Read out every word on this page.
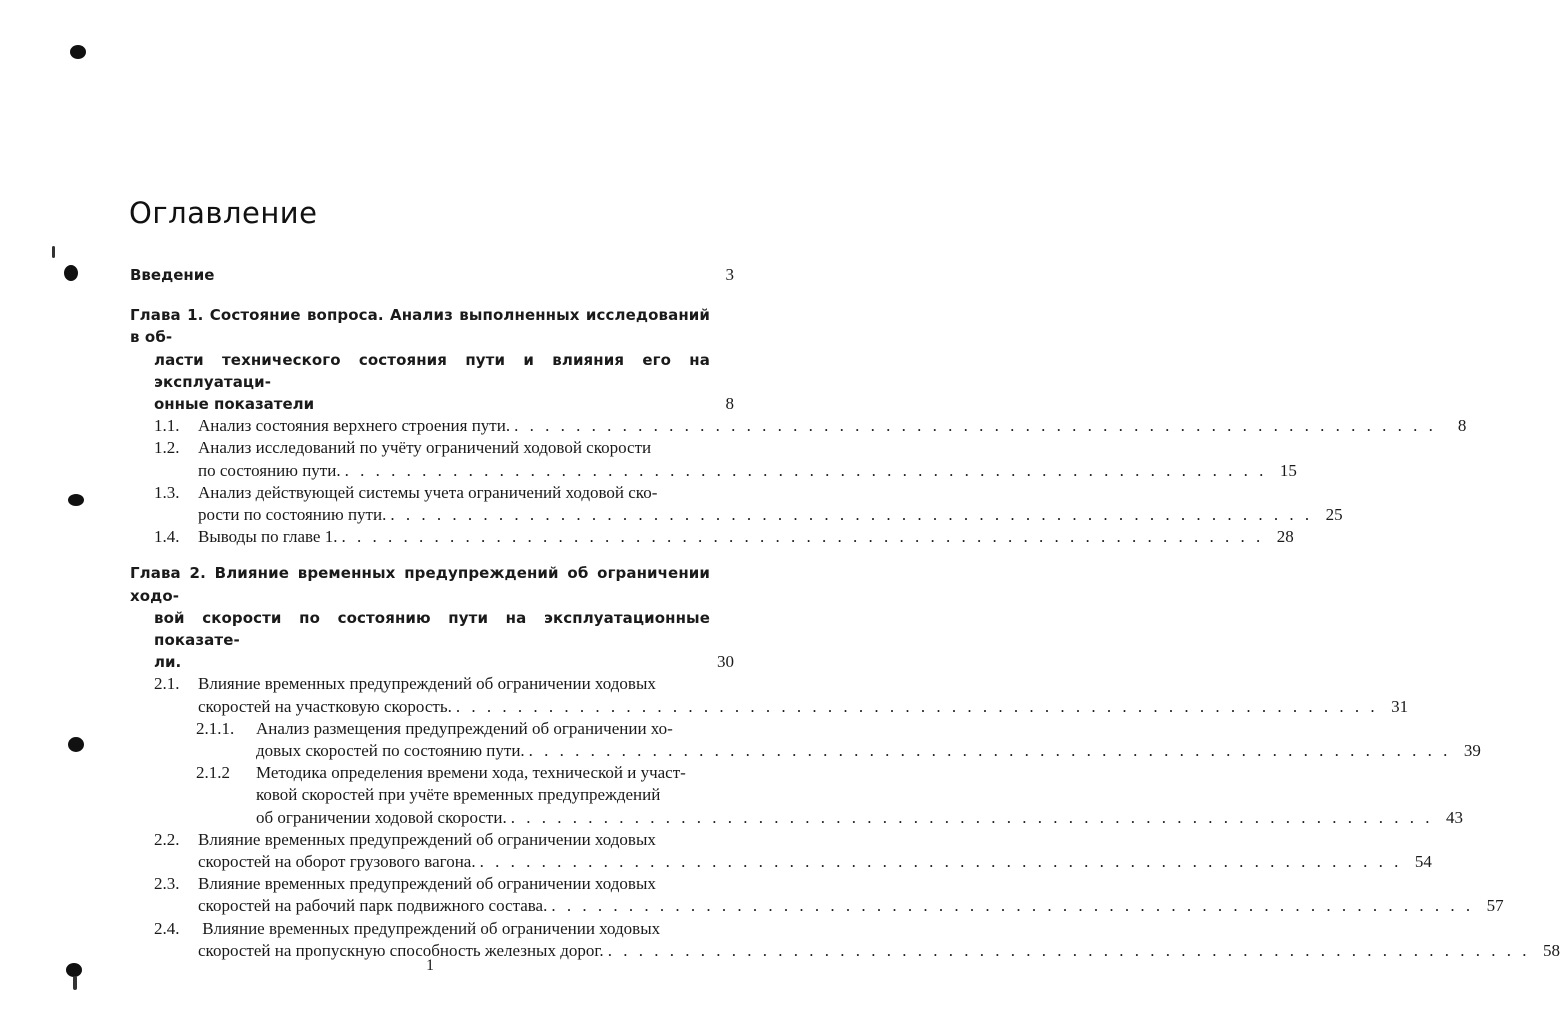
Оглавление
Введение	3
Глава 1. Состояние вопроса. Анализ выполненных исследований в об-
ласти технического состояния пути и влияния его на эксплуатаци-
онные показатели	8
1.1.	Анализ состояния верхнего строения пути. . . .	8
1.2.	Анализ исследований по учёту ограничений ходовой скорости
по состоянию пути. . . .	15
1.3.	Анализ действующей системы учета ограничений ходовой ско-
рости по состоянию пути. . . .	25
1.4.	Выводы по главе 1. . . .	28
Глава 2. Влияние временных предупреждений об ограничении ходо-
вой скорости по состоянию пути на эксплуатационные показате-
ли.	30
2.1.	Влияние временных предупреждений об ограничении ходовых
скоростей на участковую скорость. . . .	31
2.1.1.	Анализ размещения предупреждений об ограничении хо-
довых скоростей по состоянию пути. . . .	39
2.1.2	Методика определения времени хода, технической и участ-
ковой скоростей при учёте временных предупреждений
об ограничении ходовой скорости. . . .	43
2.2.	Влияние временных предупреждений об ограничении ходовых
скоростей на оборот грузового вагона. . . .	54
2.3.	Влияние временных предупреждений об ограничении ходовых
скоростей на рабочий парк подвижного состава. . . .	57
2.4.	Влияние временных предупреждений об ограничении ходовых
скоростей на пропускную способность железных дорог. . . .	58
1
